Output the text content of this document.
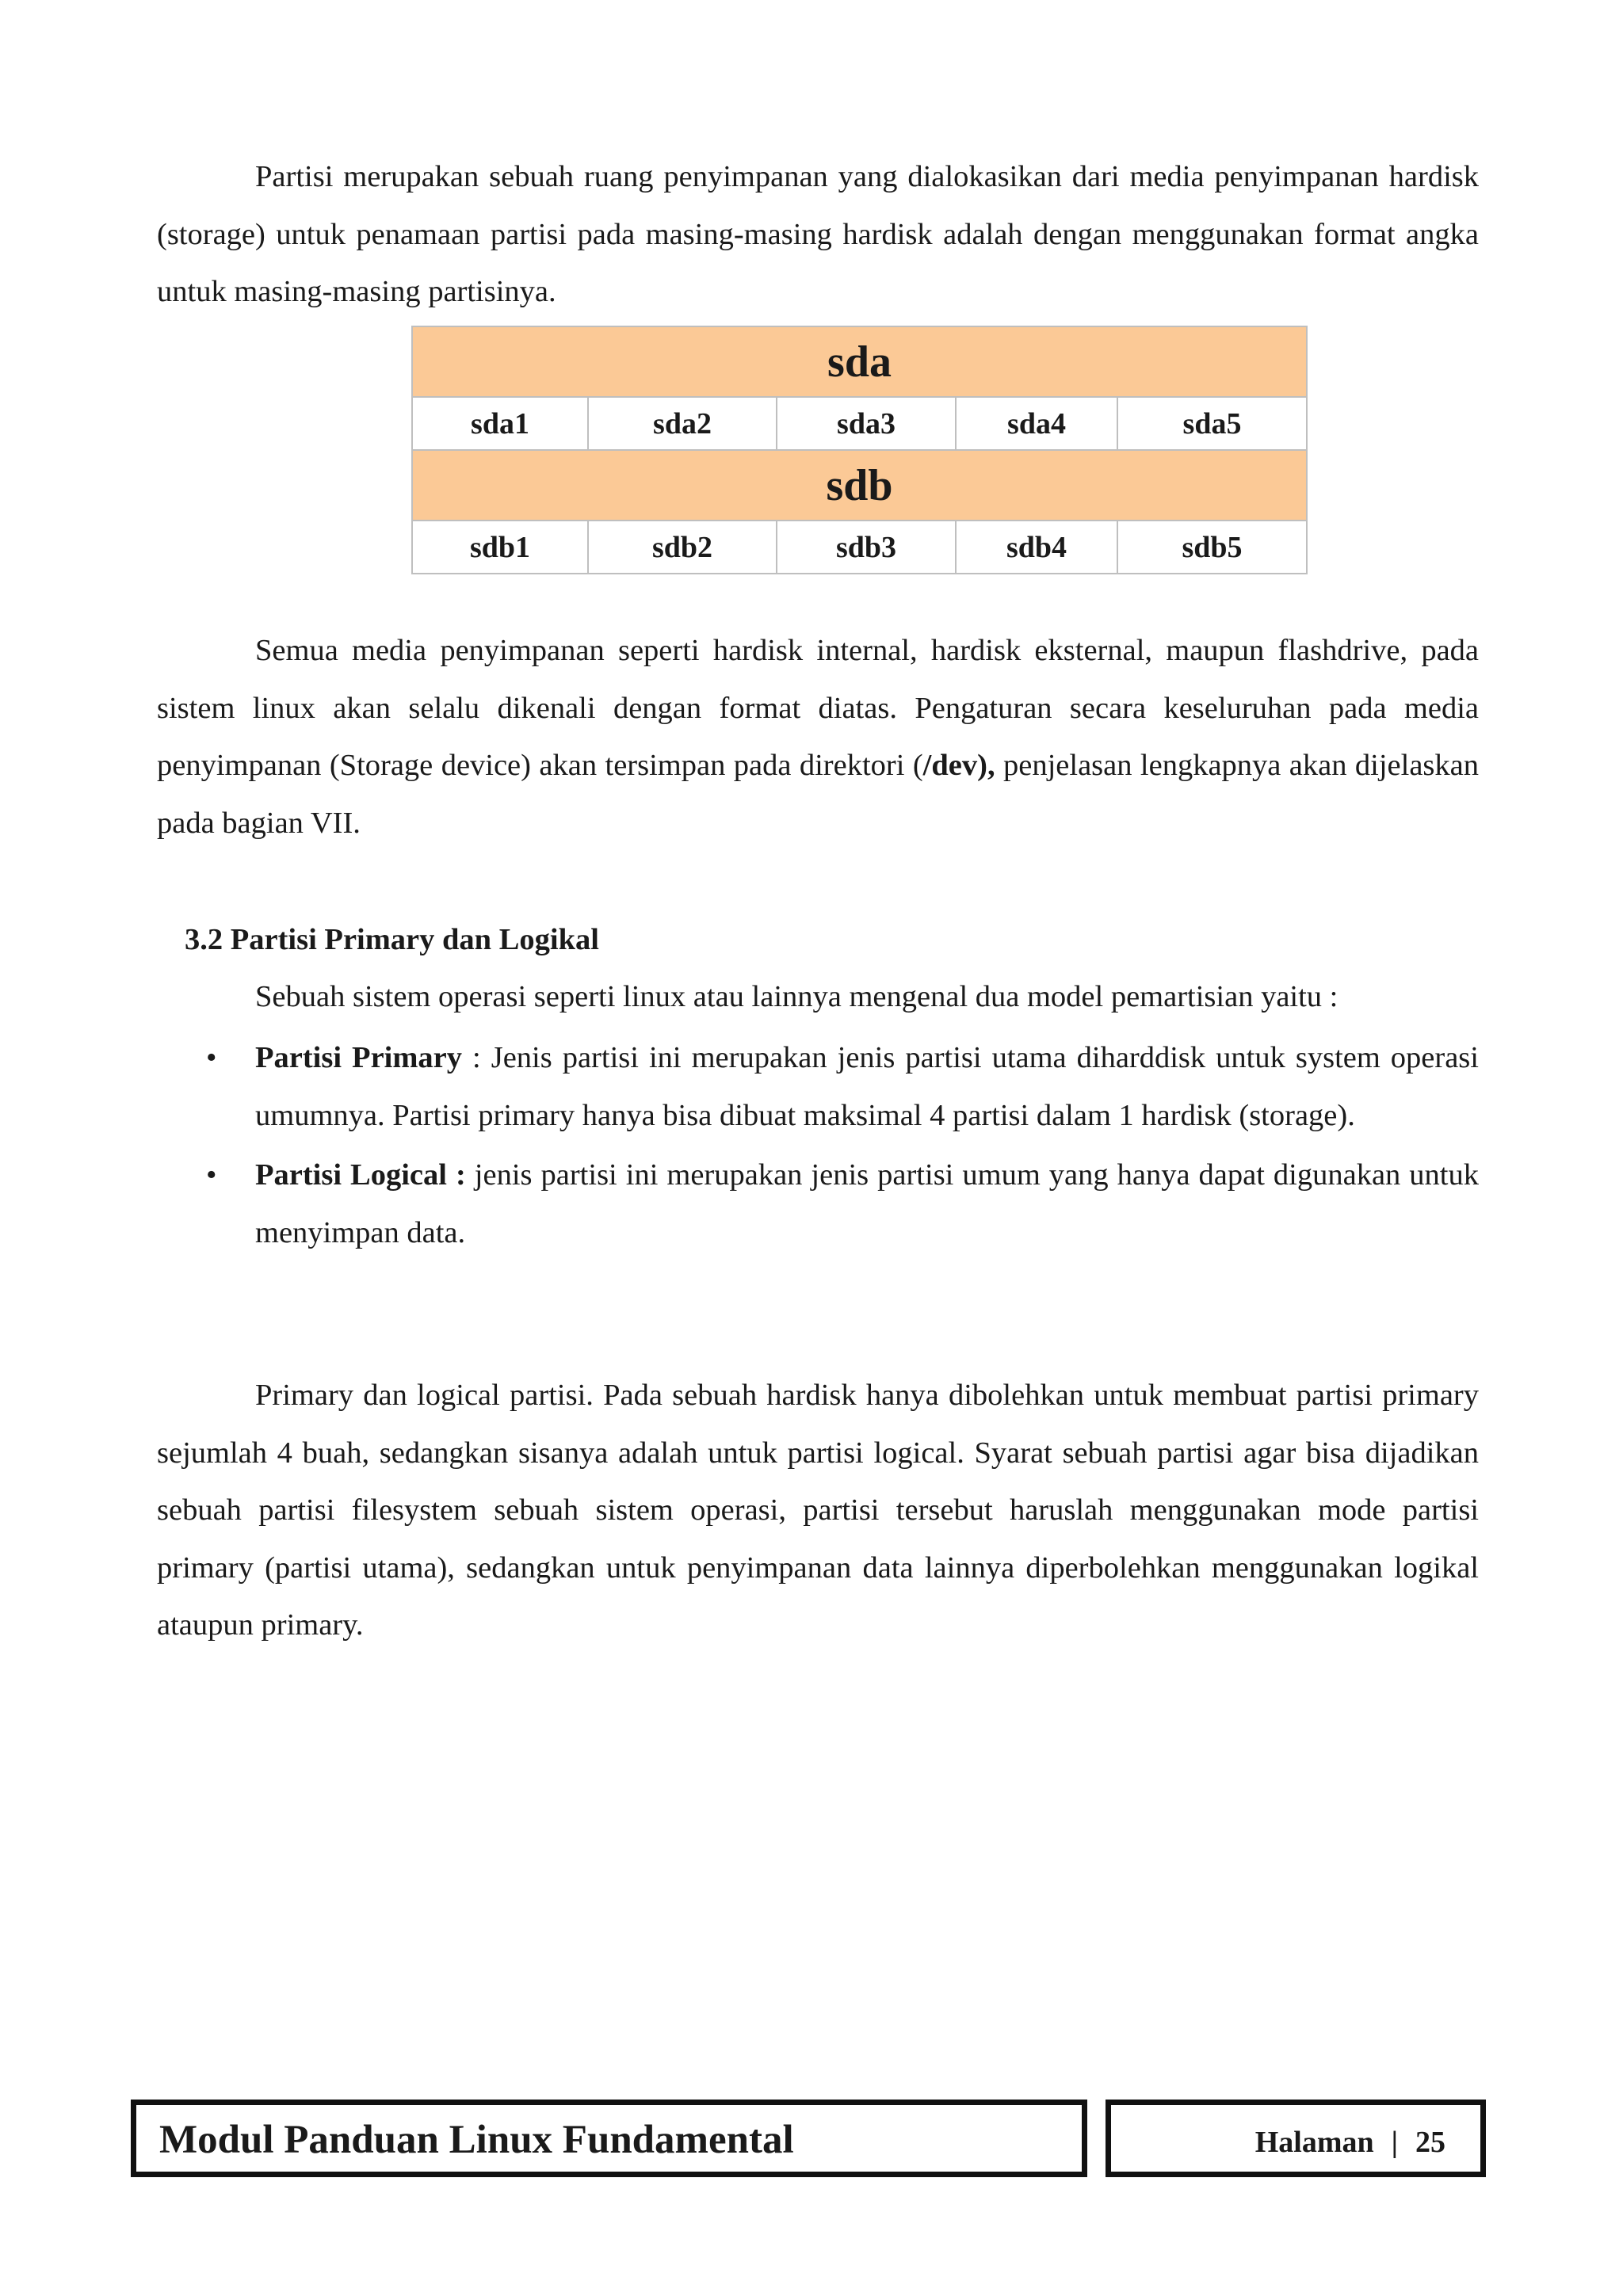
Partisi merupakan sebuah ruang penyimpanan yang dialokasikan dari media penyimpanan hardisk (storage) untuk penamaan partisi pada masing-masing hardisk adalah dengan menggunakan format angka untuk masing-masing partisinya.

sda				
sda1	sda2	sda3	sda4	sda5
sdb				
sdb1	sdb2	sdb3	sdb4	sdb5

Semua media penyimpanan seperti hardisk internal, hardisk eksternal, maupun flashdrive, pada sistem linux akan selalu dikenali dengan format diatas. Pengaturan secara keseluruhan pada media penyimpanan (Storage device) akan tersimpan pada direktori (/dev), penjelasan lengkapnya akan dijelaskan pada bagian VII.

3.2 Partisi Primary dan Logikal

Sebuah sistem operasi seperti linux atau lainnya mengenal dua model pemartisian yaitu :

• Partisi Primary : Jenis partisi ini merupakan jenis partisi utama diharddisk untuk system operasi umumnya. Partisi primary hanya bisa dibuat maksimal 4 partisi dalam 1 hardisk (storage).
• Partisi Logical : jenis partisi ini merupakan jenis partisi umum yang hanya dapat digunakan untuk menyimpan data.

Primary dan logical partisi. Pada sebuah hardisk hanya dibolehkan untuk membuat partisi primary sejumlah 4 buah, sedangkan sisanya adalah untuk partisi logical. Syarat sebuah partisi agar bisa dijadikan sebuah partisi filesystem sebuah sistem operasi, partisi tersebut haruslah menggunakan mode partisi primary (partisi utama), sedangkan untuk penyimpanan data lainnya diperbolehkan menggunakan logikal ataupun primary.

Modul Panduan Linux Fundamental	Halaman | 25
